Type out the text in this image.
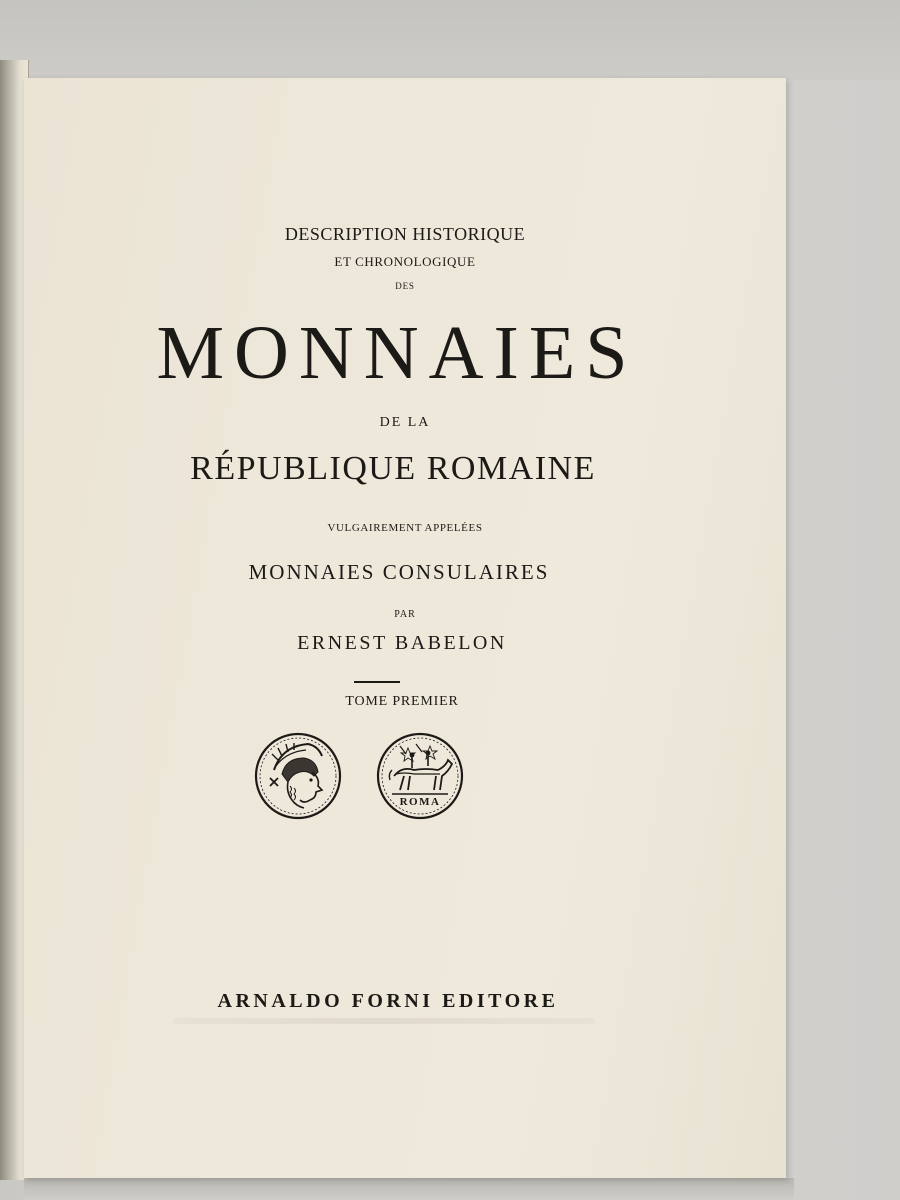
DESCRIPTION HISTORIQUE
ET CHRONOLOGIQUE
DES
MONNAIES
DE LA
RÉPUBLIQUE ROMAINE
VULGAIREMENT APPELÉES
MONNAIES CONSULAIRES
PAR
ERNEST BABELON
TOME PREMIER
ROMA
ARNALDO FORNI EDITORE
